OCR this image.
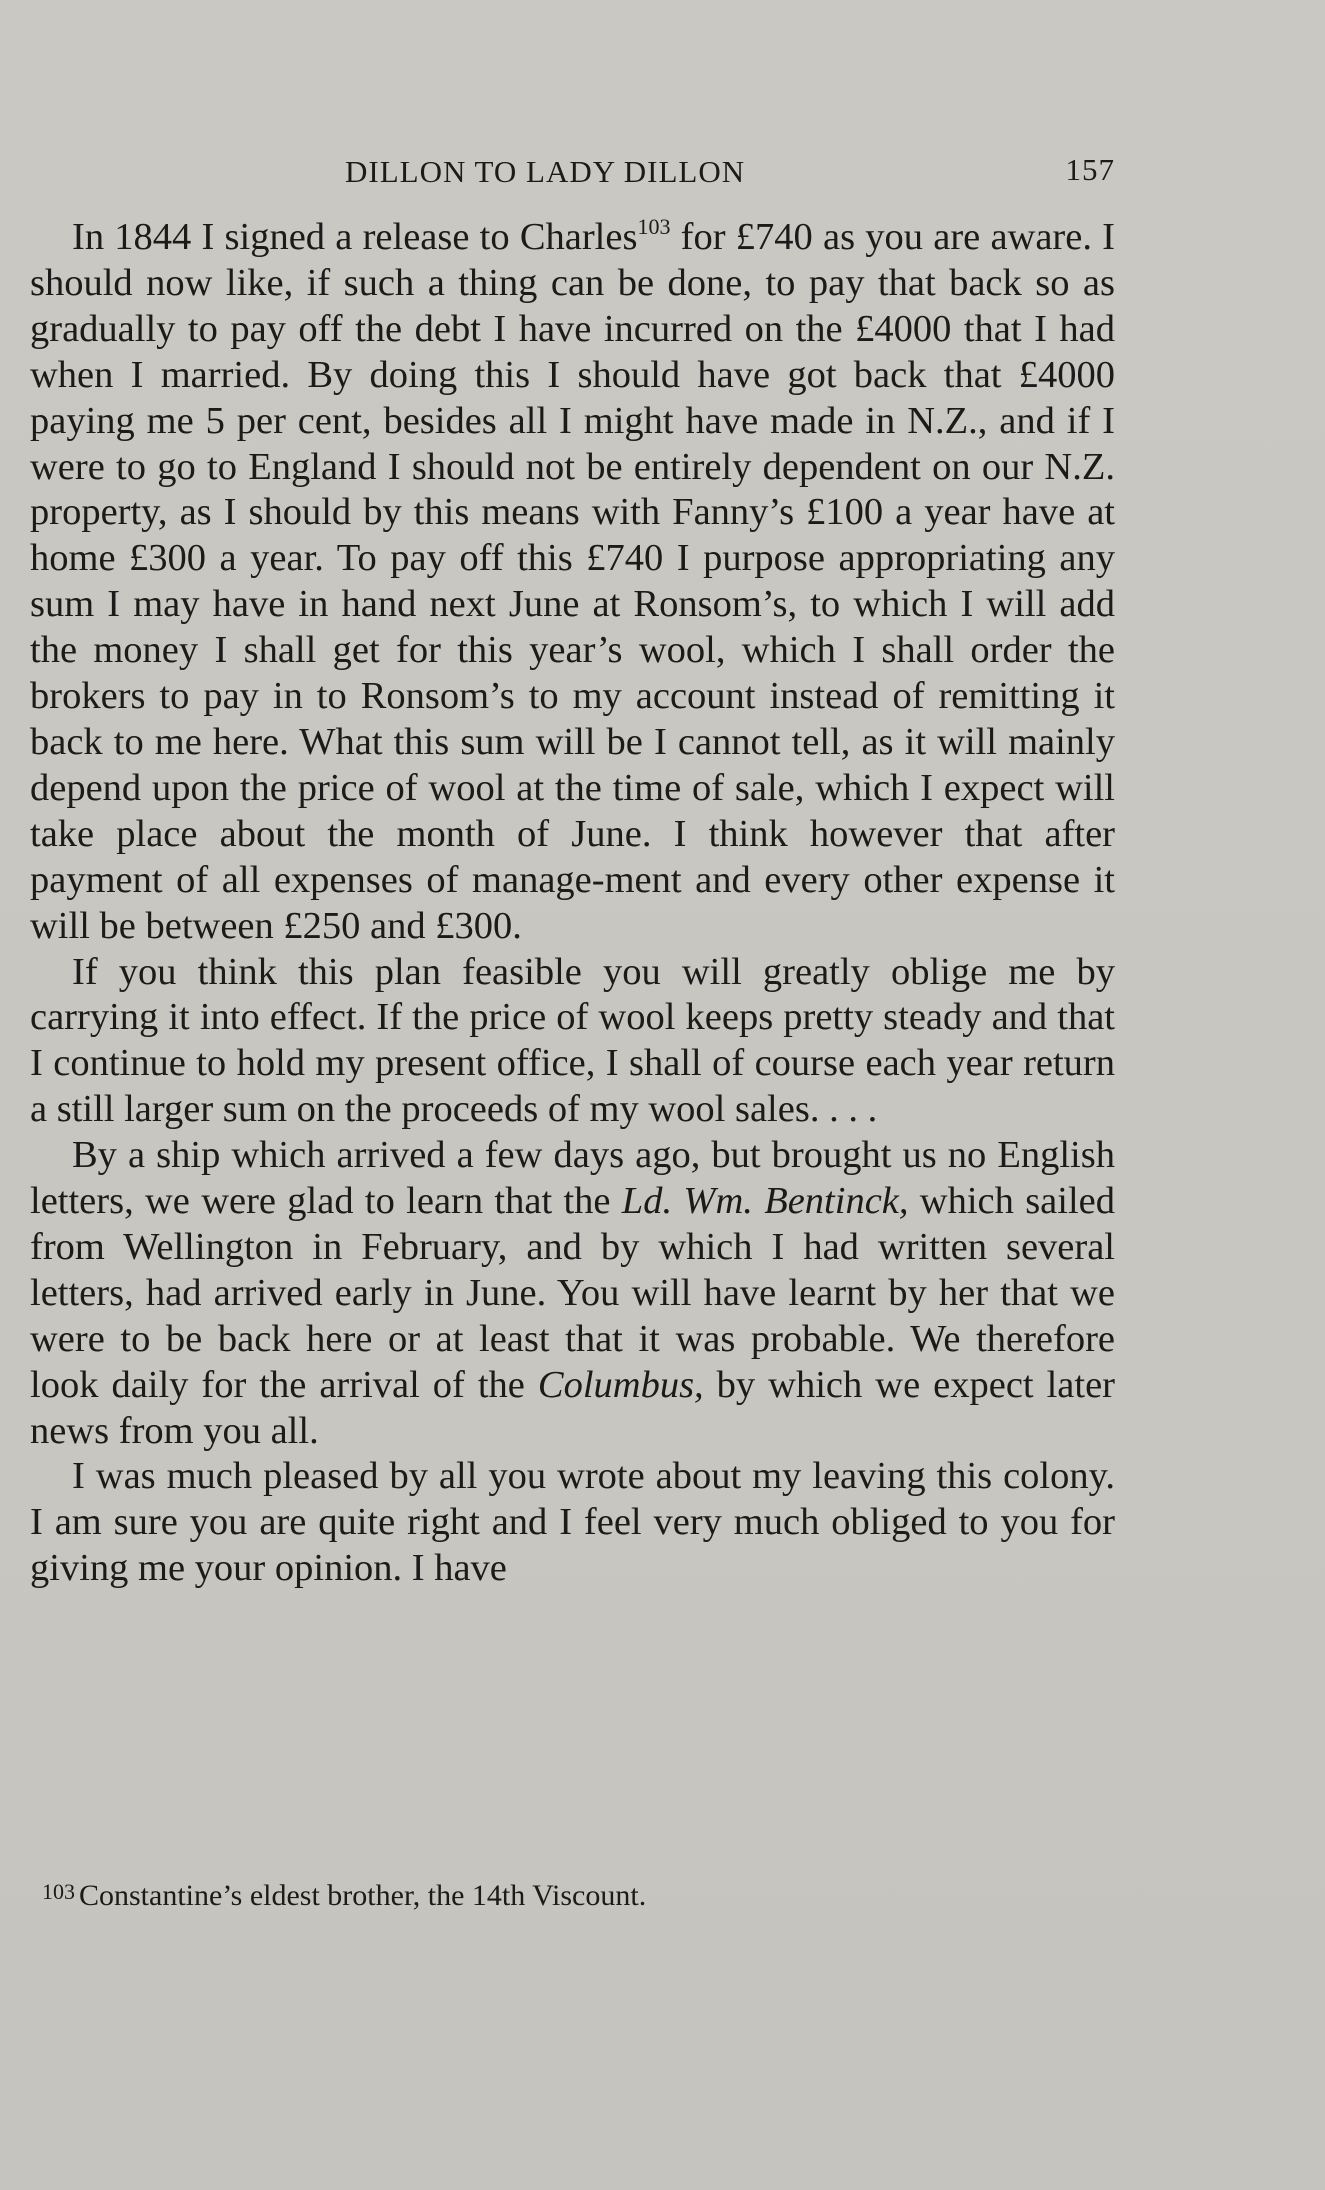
DILLON TO LADY DILLON	157

In 1844 I signed a release to Charles$^{103}$ for £740 as you are aware. I should now like, if such a thing can be done, to pay that back so as gradually to pay off the debt I have incurred on the £4000 that I had when I married. By doing this I should have got back that £4000 paying me 5 per cent, besides all I might have made in N.Z., and if I were to go to England I should not be entirely dependent on our N.Z. property, as I should by this means with Fanny’s £100 a year have at home £300 a year. To pay off this £740 I purpose appropriating any sum I may have in hand next June at Ronsom’s, to which I will add the money I shall get for this year’s wool, which I shall order the brokers to pay in to Ronsom’s to my account instead of remitting it back to me here. What this sum will be I cannot tell, as it will mainly depend upon the price of wool at the time of sale, which I expect will take place about the month of June. I think however that after payment of all expenses of manage-ment and every other expense it will be between £250 and £300.

If you think this plan feasible you will greatly oblige me by carrying it into effect. If the price of wool keeps pretty steady and that I continue to hold my present office, I shall of course each year return a still larger sum on the proceeds of my wool sales. . . .

By a ship which arrived a few days ago, but brought us no English letters, we were glad to learn that the Ld. Wm. Bentinck, which sailed from Wellington in February, and by which I had written several letters, had arrived early in June. You will have learnt by her that we were to be back here or at least that it was probable. We therefore look daily for the arrival of the Columbus, by which we expect later news from you all.

I was much pleased by all you wrote about my leaving this colony. I am sure you are quite right and I feel very much obliged to you for giving me your opinion. I have

$^{103}$ Constantine’s eldest brother, the 14th Viscount.
